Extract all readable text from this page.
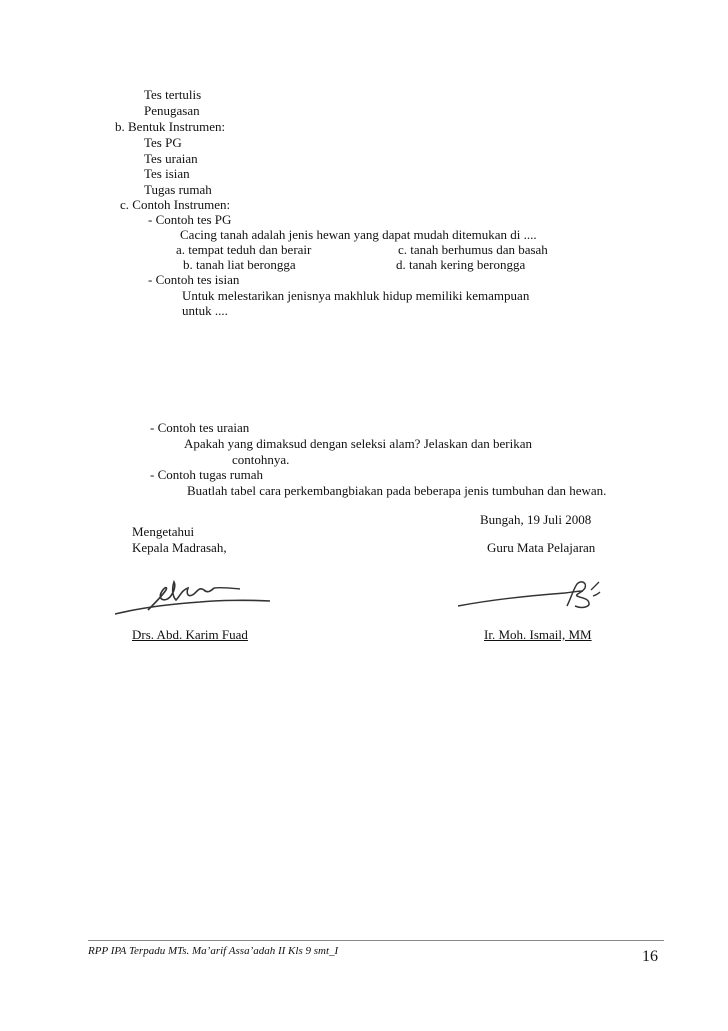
Tes tertulis
Penugasan
b. Bentuk Instrumen:
Tes PG
Tes uraian
Tes isian
Tugas rumah
c. Contoh Instrumen:
- Contoh tes PG
Cacing tanah adalah jenis hewan yang dapat mudah ditemukan di ....
a. tempat teduh dan berair	c. tanah berhumus dan basah
b. tanah liat berongga	d. tanah kering berongga
- Contoh tes isian
Untuk melestarikan jenisnya makhluk hidup memiliki kemampuan
untuk ....
- Contoh tes uraian
Apakah yang dimaksud dengan seleksi alam? Jelaskan dan berikan
contohnya.
- Contoh tugas rumah
Buatlah tabel cara perkembangbiakan pada beberapa jenis tumbuhan dan hewan.
Bungah, 19 Juli 2008
Mengetahui
Kepala Madrasah,	Guru Mata Pelajaran
Drs. Abd. Karim Fuad	Ir. Moh. Ismail, MM
RPP IPA Terpadu MTs. Ma’arif Assa’adah II Kls 9 smt_I	16
